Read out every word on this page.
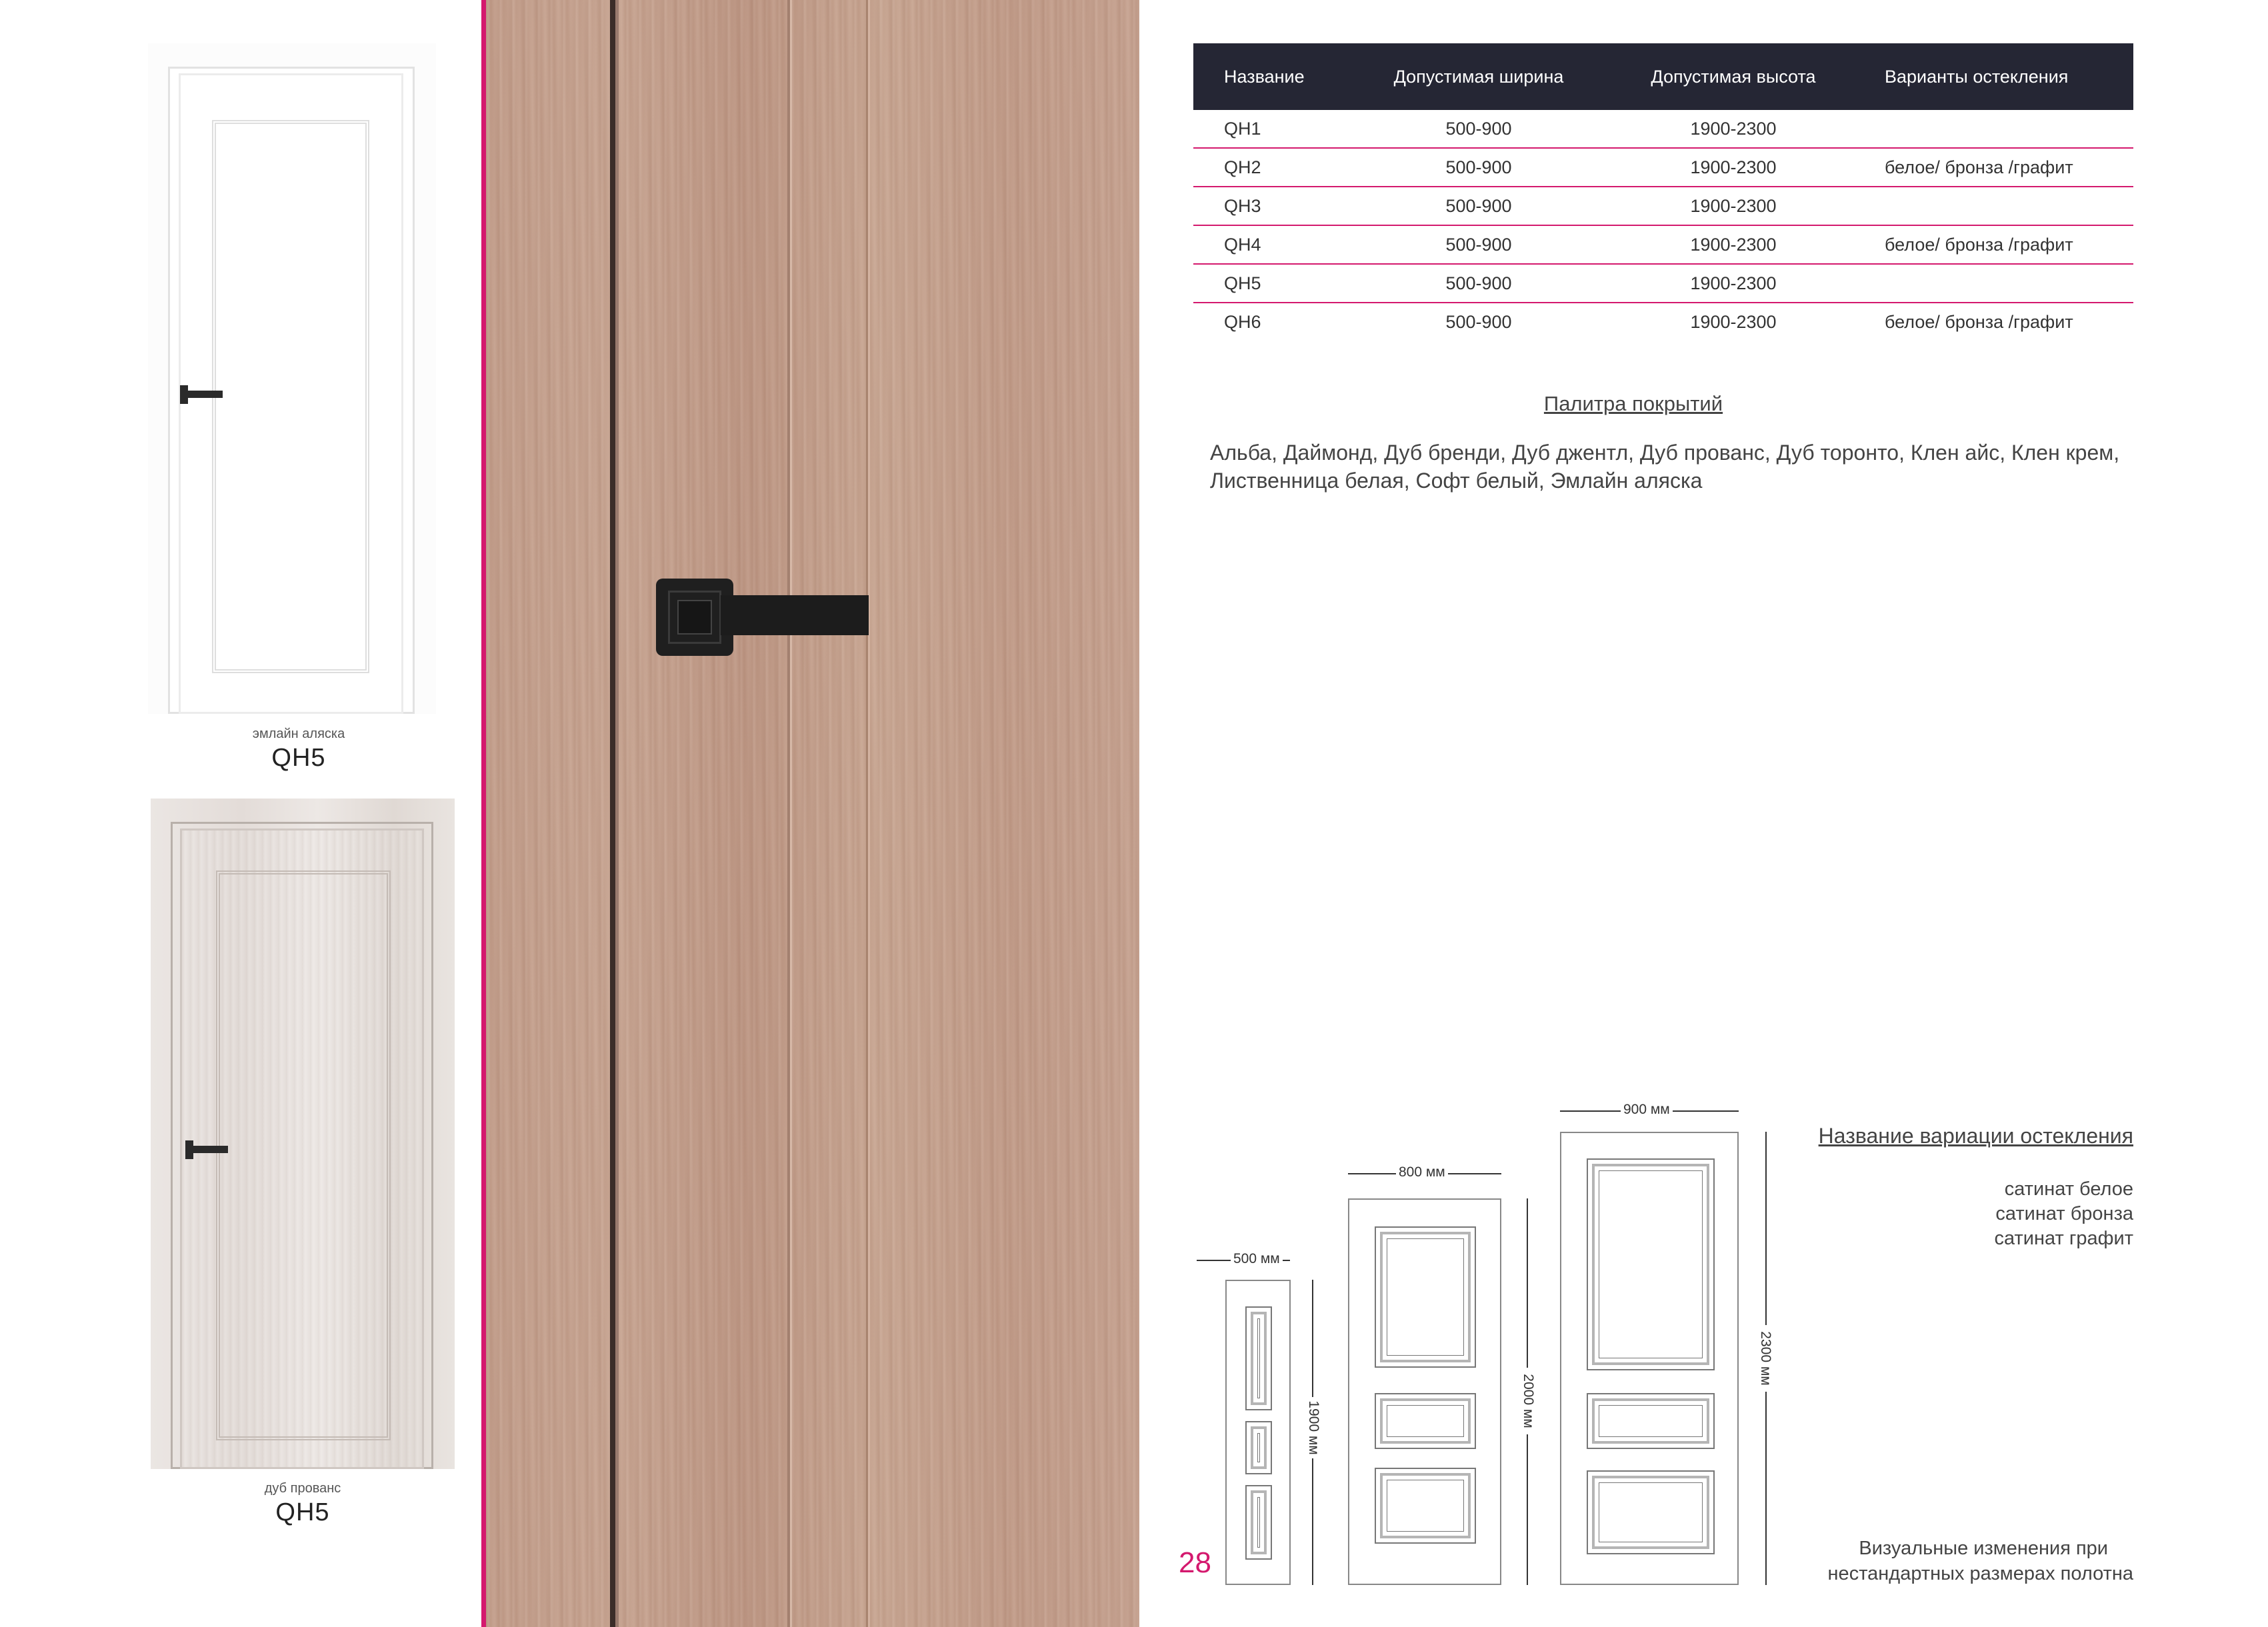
эмлайн аляска
QH5
дуб прованс
QH5
Название	Допустимая ширина	Допустимая высота	Варианты остекления
QH1	500-900	1900-2300	
QH2	500-900	1900-2300	белое/ бронза /графит
QH3	500-900	1900-2300	
QH4	500-900	1900-2300	белое/ бронза /графит
QH5	500-900	1900-2300	
QH6	500-900	1900-2300	белое/ бронза /графит
Палитра покрытий
Альба, Даймонд, Дуб бренди, Дуб джентл, Дуб прованс, Дуб торонто, Клен айс, Клен крем, Лиственница белая, Софт белый, Эмлайн аляска
500 мм
1900 мм
800 мм
2000 мм
900 мм
2300 мм
Название вариации остекления
сатинат белое
сатинат бронза
сатинат графит
Визуальные изменения при
нестандартных размерах полотна
28
